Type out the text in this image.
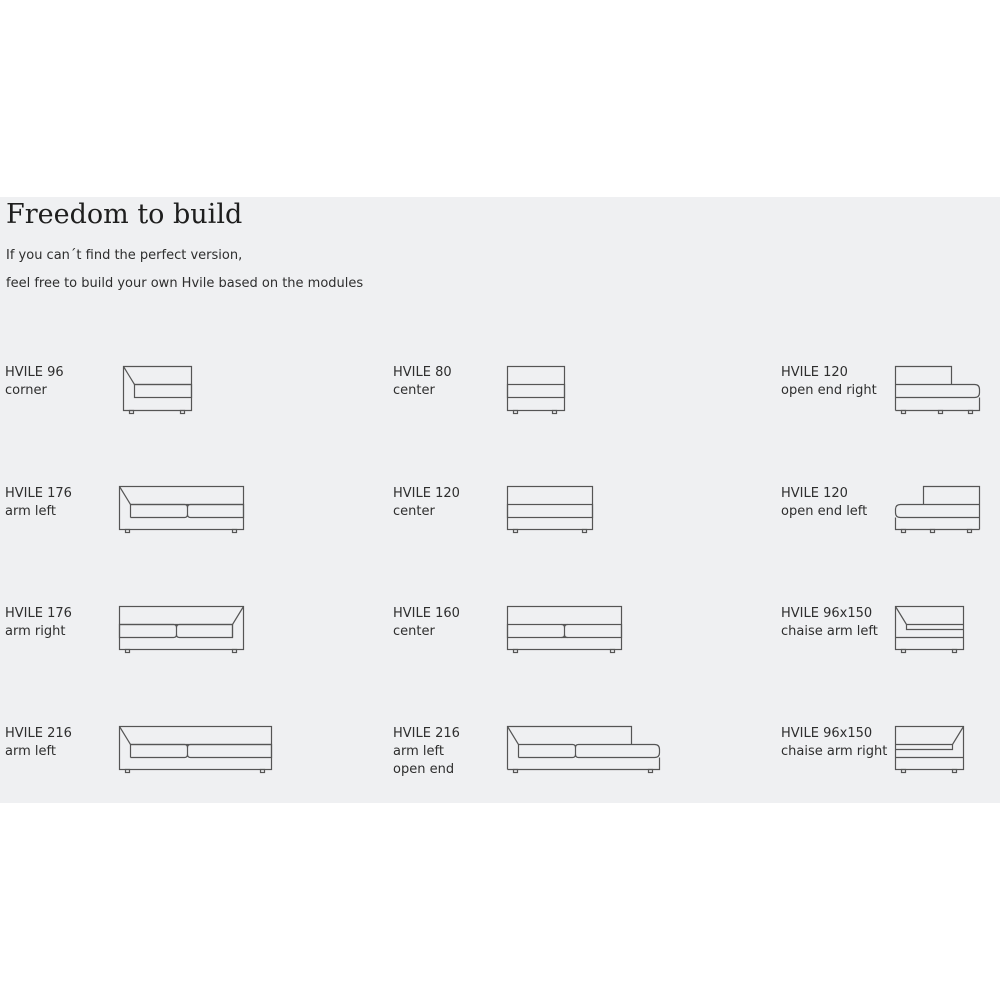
Freedom to build
If you can´t find the perfect version,
feel free to build your own Hvile based on the modules
HVILE 96
corner
HVILE 80
center
HVILE 120
open end right
HVILE 176
arm left
HVILE 120
center
HVILE 120
open end left
HVILE 176
arm right
HVILE 160
center
HVILE 96x150
chaise arm left
HVILE 216
arm left
HVILE 216
arm left
open end
HVILE 96x150
chaise arm right
